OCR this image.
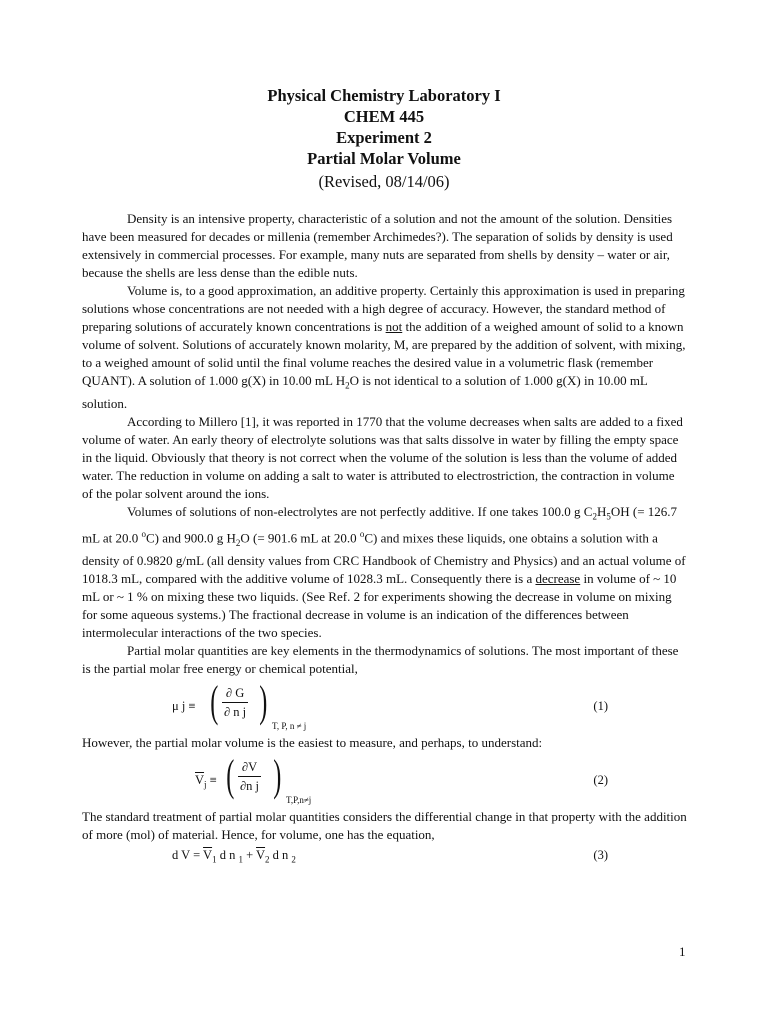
Physical Chemistry Laboratory I
CHEM 445
Experiment 2
Partial Molar Volume
(Revised, 08/14/06)

Density is an intensive property, characteristic of a solution and not the amount of the solution. Densities have been measured for decades or millenia (remember Archimedes?). The separation of solids by density is used extensively in commercial processes. For example, many nuts are separated from shells by density – water or air, because the shells are less dense than the edible nuts.

Volume is, to a good approximation, an additive property. Certainly this approximation is used in preparing solutions whose concentrations are not needed with a high degree of accuracy. However, the standard method of preparing solutions of accurately known concentrations is not the addition of a weighed amount of solid to a known volume of solvent. Solutions of accurately known molarity, M, are prepared by the addition of solvent, with mixing, to a weighed amount of solid until the final volume reaches the desired value in a volumetric flask (remember QUANT). A solution of 1.000 g(X) in 10.00 mL $H_2O$ is not identical to a solution of 1.000 g(X) in 10.00 mL solution.

According to Millero [1], it was reported in 1770 that the volume decreases when salts are added to a fixed volume of water. An early theory of electrolyte solutions was that salts dissolve in water by filling the empty space in the liquid. Obviously that theory is not correct when the volume of the solution is less than the volume of added water. The reduction in volume on adding a salt to water is attributed to electrostriction, the contraction in volume of the polar solvent around the ions.

Volumes of solutions of non-electrolytes are not perfectly additive. If one takes 100.0 g $C_2H_5OH$ (= 126.7 mL at 20.0 $^o$C) and 900.0 g $H_2O$ (= 901.6 mL at 20.0 $^o$C) and mixes these liquids, one obtains a solution with a density of 0.9820 g/mL (all density values from CRC Handbook of Chemistry and Physics) and an actual volume of 1018.3 mL, compared with the additive volume of 1028.3 mL. Consequently there is a decrease in volume of ~ 10 mL or ~ 1 % on mixing these two liquids. (See Ref. 2 for experiments showing the decrease in volume on mixing for some aqueous systems.) The fractional decrease in volume is an indication of the differences between intermolecular interactions of the two species.

Partial molar quantities are key elements in the thermodynamics of solutions. The most important of these is the partial molar free energy or chemical potential,

μ j ≡ ( $\frac{\partial G}{\text{∂ n j}}$ ) T, P, n ≠ j
(1)

However, the partial molar volume is the easiest to measure, and perhaps, to understand:

$\overline{V}_j$ ≡ ( $\frac{\partial V}{\text{∂n j}}$ ) T,P,n≠j
(2)

The standard treatment of partial molar quantities considers the differential change in that property with the addition of more (mol) of material. Hence, for volume, one has the equation,

d $V = \overline{V}_1$ d n $_1 + \overline{V}_2$ d n $_2$	(3)
1
